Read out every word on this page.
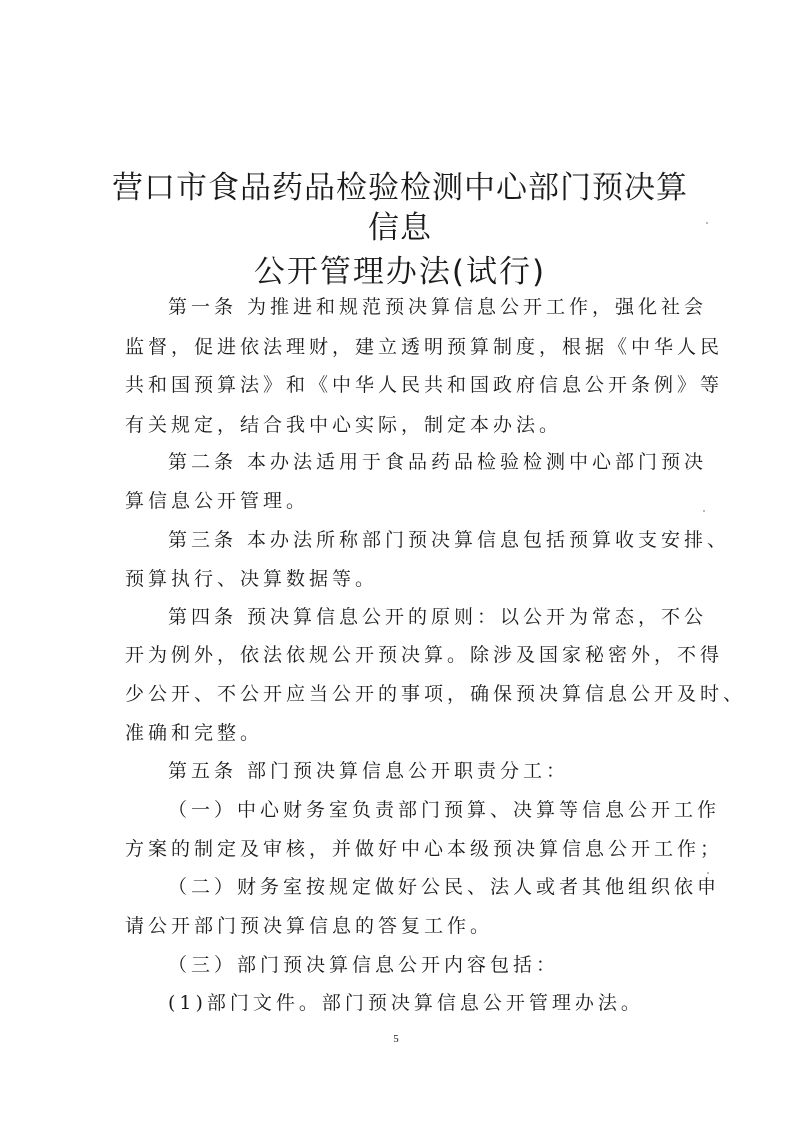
营口市食品药品检验检测中心部门预决算
信息
公开管理办法(试行)

第一条 为推进和规范预决算信息公开工作，强化社会

监督，促进依法理财，建立透明预算制度，根据《中华人民

共和国预算法》和《中华人民共和国政府信息公开条例》等

有关规定，结合我中心实际，制定本办法。

第二条 本办法适用于食品药品检验检测中心部门预决

算信息公开管理。

第三条 本办法所称部门预决算信息包括预算收支安排、

预算执行、决算数据等。

第四条 预决算信息公开的原则：以公开为常态，不公

开为例外，依法依规公开预决算。除涉及国家秘密外，不得

少公开、不公开应当公开的事项，确保预决算信息公开及时、

准确和完整。

第五条 部门预决算信息公开职责分工：

（一）中心财务室负责部门预算、决算等信息公开工作

方案的制定及审核，并做好中心本级预决算信息公开工作；

（二）财务室按规定做好公民、法人或者其他组织依申

请公开部门预决算信息的答复工作。

（三）部门预决算信息公开内容包括：

(1)部门文件。部门预决算信息公开管理办法。

5
